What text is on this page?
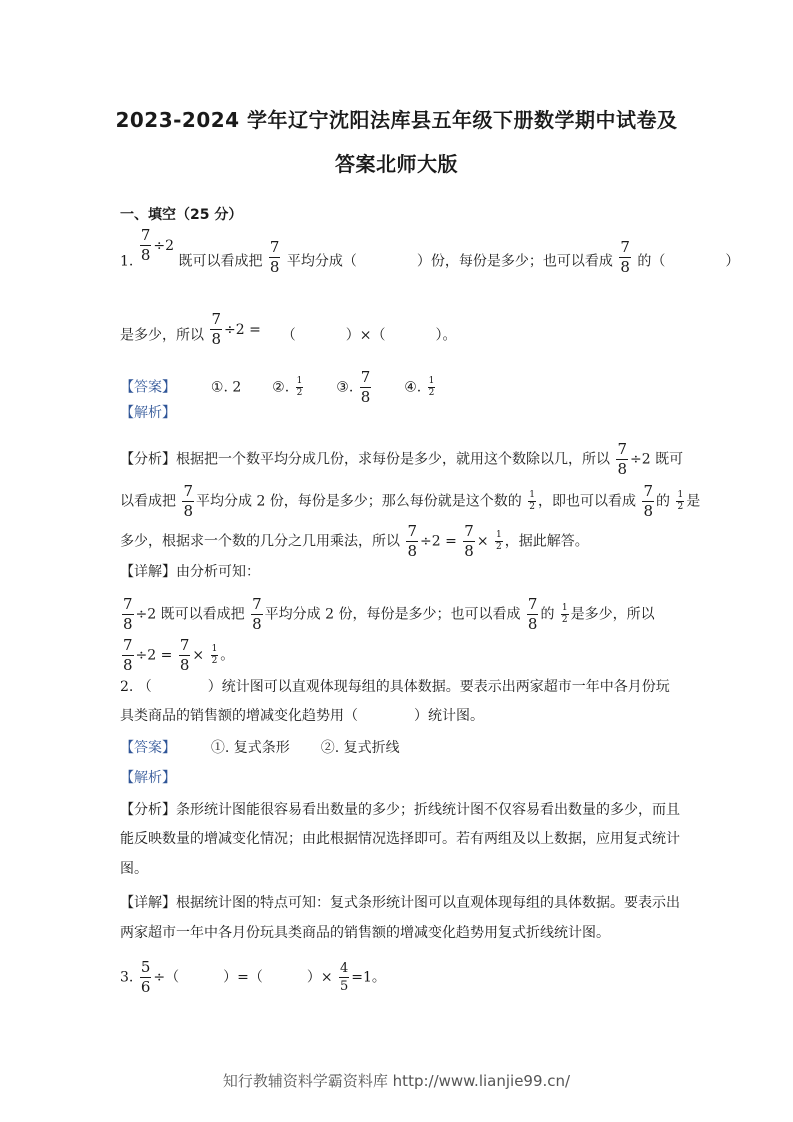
2023-2024 学年辽宁沈阳法库县五年级下册数学期中试卷及
答案北师大版
一、填空（25 分）
1. $\frac{7}{8} \div 2$ 既可以看成把 $\frac{7}{8}$ 平均分成（	）份，每份是多少；也可以看成 $\frac{7}{8}$ 的（	）
是多少，所以 $\frac{7}{8} \div 2$ = （	）×（	）。
【答案】 ①. 2 ②. $\frac{1}{2}$ ③. $\frac{7}{8}$ ④. $\frac{1}{2}$
【解析】
【分析】根据把一个数平均分成几份，求每份是多少，就用这个数除以几，所以 $\frac{7}{8} \div 2$ 既可
以看成把 $\frac{7}{8}$ 平均分成 2 份，每份是多少；那么每份就是这个数的 $\frac{1}{2}$ ，即也可以看成 $\frac{7}{8}$ 的 $\frac{1}{2}$ 是
多少，根据求一个数的几分之几用乘法，所以 $\frac{7}{8} \div 2 = \frac{7}{8} \times \frac{1}{2}$ ，据此解答。
【详解】由分析可知：
$\frac{7}{8} \div 2$ 既可以看成把 $\frac{7}{8}$ 平均分成 2 份，每份是多少；也可以看成 $\frac{7}{8}$ 的 $\frac{1}{2}$ 是多少，所以
$\frac{7}{8} \div 2 = \frac{7}{8} \times \frac{1}{2}$ 。
2. （　　　　）统计图可以直观体现每组的具体数据。要表示出两家超市一年中各月份玩
具类商品的销售额的增减变化趋势用（　　　　）统计图。
【答案】 ①. 复式条形 ②. 复式折线
【解析】
【分析】条形统计图能很容易看出数量的多少；折线统计图不仅容易看出数量的多少，而且
能反映数量的增减变化情况；由此根据情况选择即可。若有两组及以上数据，应用复式统计
图。
【详解】根据统计图的特点可知：复式条形统计图可以直观体现每组的具体数据。要表示出
两家超市一年中各月份玩具类商品的销售额的增减变化趋势用复式折线统计图。
3. $\frac{5}{6}$ ÷（	）=（	）× $\frac{4}{5} =1$。
知行教辅资料学霸资料库 http://www.lianjie99.cn/
